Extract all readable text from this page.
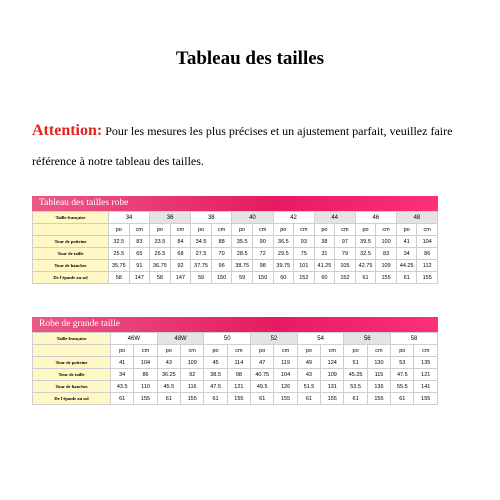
Tableau des tailles
Attention: Pour les mesures les plus précises et un ajustement parfait, veuillez faire référence à notre tableau des tailles.
Tableau des tailles robe
Taille française	34		36		38		40		42		44		46		48	
	po	cm	po	cm	po	cm	po	cm	po	cm	po	cm	po	cm	po	cm
Tour de poitrine	32.5	83	33.5	84	34.5	88	35.5	90	36.5	93	38	97	39.5	100	41	104
Tour de taille	25.5	65	26.5	68	27.5	70	28.5	72	29.5	75	31	79	32.5	83	34	86
Tour de hanches	35.75	91	36.75	92	37.75	96	38.75	98	39.75	101	41.25	105	42.75	109	44.25	112
De l'épaule au sol	58	147	58	147	59	150	59	150	60	152	60	152	61	155	61	155
Robe de grande taille
Taille française	46W		48W		50		52		54		56		58	
	po	cm	po	cm	po	cm	po	cm	po	cm	po	cm	po	cm
Tour de poitrine	41	104	43	109	45	114	47	119	49	124	51	130	53	135
Tour de taille	34	86	36.25	92	38.5	98	40.75	104	43	109	45.25	115	47.5	121
Tour de hanches	43.5	110	45.5	116	47.5	121	49.5	126	51.5	131	53.5	136	55.5	141
De l'épaule au sol	61	155	61	155	61	155	61	155	61	155	61	155	61	155
